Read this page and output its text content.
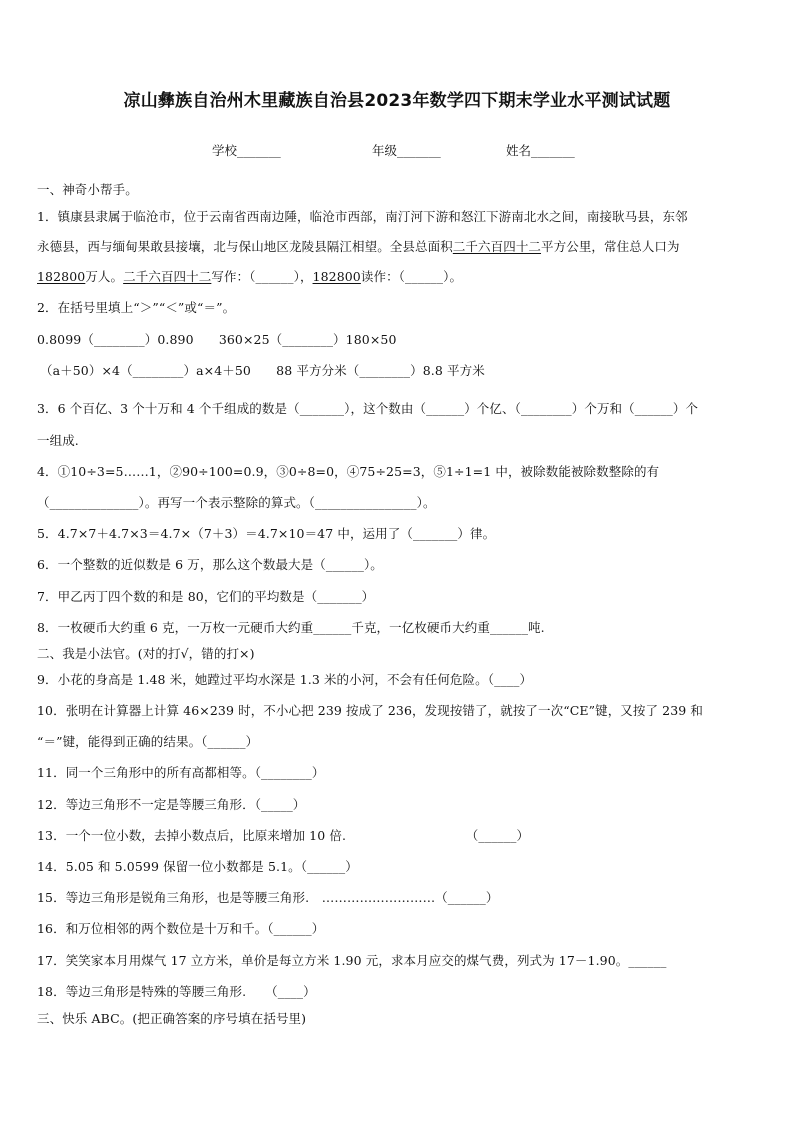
凉山彝族自治州木里藏族自治县2023年数学四下期末学业水平测试试题
学校_______	年级_______	姓名_______
一、神奇小帮手。
1．镇康县隶属于临沧市，位于云南省西南边陲，临沧市西部，南汀河下游和怒江下游南北水之间，南接耿马县，东邻
永德县，西与缅甸果敢县接壤，北与保山地区龙陵县隔江相望。全县总面积二千六百四十二平方公里，常住总人口为
182800万人。二千六百四十二写作：（______），182800读作：（______）。
2．在括号里填上“＞”“＜”或“＝”。
0.8099（________）0.890　　360×25（________）180×50
（a＋50）×4（________）a×4＋50　　88 平方分米（________）8.8 平方米
3．6 个百亿、3 个十万和 4 个千组成的数是（_______），这个数由（______）个亿、（________）个万和（______）个
一组成.
4．①10÷3=5……1，②90÷100=0.9，③0÷8=0，④75÷25=3，⑤1÷1=1 中，被除数能被除数整除的有
（______________）。再写一个表示整除的算式。（________________）。
5．4.7×7＋4.7×3＝4.7×（7＋3）＝4.7×10＝47 中，运用了（_______）律。
6．一个整数的近似数是 6 万，那么这个数最大是（______）。
7．甲乙丙丁四个数的和是 80，它们的平均数是（_______）
8．一枚硬币大约重 6 克，一万枚一元硬币大约重______千克，一亿枚硬币大约重______吨.
二、我是小法官。(对的打√，错的打×)
9．小花的身高是 1.48 米，她蹚过平均水深是 1.3 米的小河，不会有任何危险。（____）
10．张明在计算器上计算 46×239 时，不小心把 239 按成了 236，发现按错了，就按了一次“CE”键，又按了 239 和
“＝”键，能得到正确的结果。（______）
11．同一个三角形中的所有高都相等。（________）
12．等边三角形不一定是等腰三角形．（_____）
13．一个一位小数，去掉小数点后，比原来增加 10 倍.　　　　　　　　　　（______）
14．5.05 和 5.0599 保留一位小数都是 5.1。（______）
15．等边三角形是锐角三角形，也是等腰三角形.　………………………（______）
16．和万位相邻的两个数位是十万和千。（______）
17．笑笑家本月用煤气 17 立方米，单价是每立方米 1.90 元，求本月应交的煤气费，列式为 17－1.90。______
18．等边三角形是特殊的等腰三角形.　　（____）
三、快乐 ABC。(把正确答案的序号填在括号里)
